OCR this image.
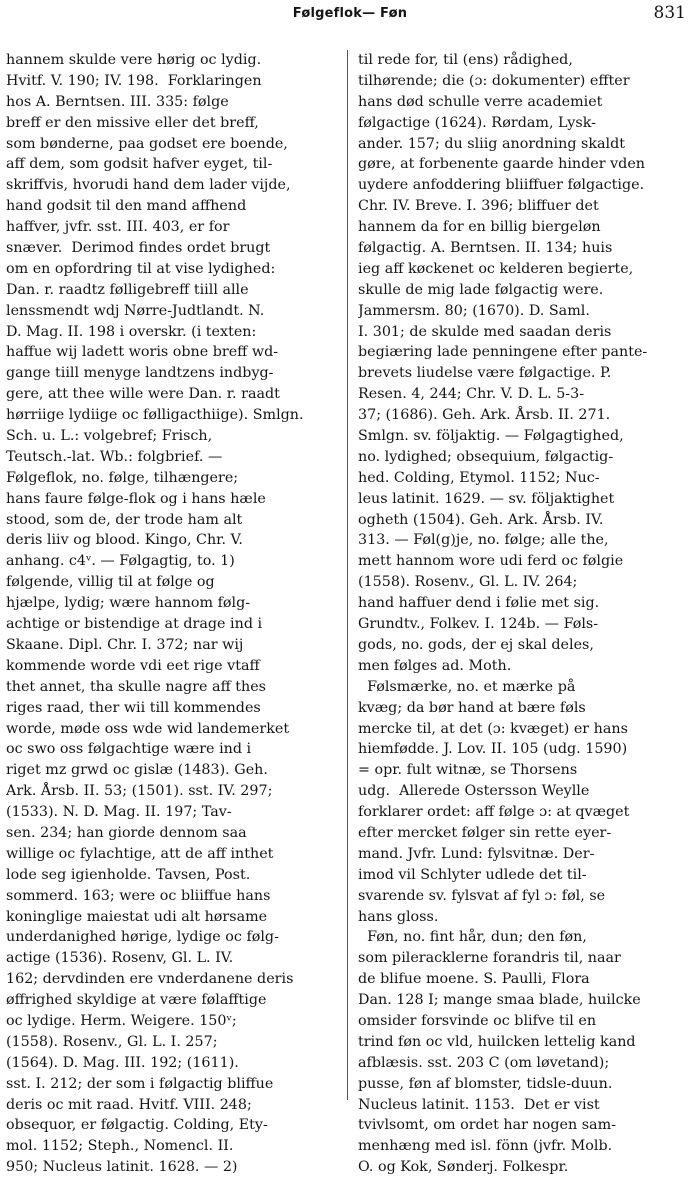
Følgeflok— Føn	831
hannem skulde vere hørig oc lydig.
Hvitf. V. 190; IV. 198.  Forklaringen
hos A. Berntsen. III. 335: følge
breff er den missive eller det breff,
som bønderne, paa godset ere boende,
aff dem, som godsit hafver eyget, til-
skriffvis, hvorudi hand dem lader vijde,
hand godsit til den mand affhend
haffver, jvfr. sst. III. 403, er for
snæver.  Derimod findes ordet brugt
om en opfordring til at vise lydighed:
Dan. r. raadtz følligebreff tiill alle
lenssmendt wdj Nørre-Judtlandt. N.
D. Mag. II. 198 i overskr. (i texten:
haffue wij ladett woris obne breff wd-
gange tiill menyge landtzens indbyg-
gere, att thee wille were Dan. r. raadt
hørriige lydiige oc følligacthiige). Smlgn.
Sch. u. L.: volgebref; Frisch,
Teutsch.-lat. Wb.: folgbrief. —
Følgeflok, no. følge, tilhængere;
hans faure følge-flok og i hans hæle
stood, som de, der trode ham alt
deris liiv og blood. Kingo, Chr. V.
anhang. c4ᵛ. — Følgagtig, to. 1)
følgende, villig til at følge og
hjælpe, lydig; wære hannom følg-
achtige or bistendige at drage ind i
Skaane. Dipl. Chr. I. 372; nar wij
kommende worde vdi eet rige vtaff
thet annet, tha skulle nagre aff thes
riges raad, ther wii till kommendes
worde, møde oss wde wid landemerket
oc swo oss følgachtige wære ind i
riget mz grwd oc gislæ (1483). Geh.
Ark. Årsb. II. 53; (1501). sst. IV. 297;
(1533). N. D. Mag. II. 197; Tav-
sen. 234; han giorde dennom saa
willige oc fylachtige, att de aff inthet
lode seg igienholde. Tavsen, Post.
sommerd. 163; were oc bliiffue hans
koninglige maiestat udi alt hørsame
underdanighed hørige, lydige oc følg-
actige (1536). Rosenv, Gl. L. IV.
162; dervdinden ere vnderdanene deris
øffrighed skyldige at være følafftige
oc lydige. Herm. Weigere. 150ᵛ;
(1558). Rosenv., Gl. L. I. 257;
(1564). D. Mag. III. 192; (1611).
sst. I. 212; der som i følgactig bliffue
deris oc mit raad. Hvitf. VIII. 248;
obsequor, er følgactig. Colding, Ety-
mol. 1152; Steph., Nomencl. II.
950; Nucleus latinit. 1628. — 2)
til rede for, til (ens) rådighed,
tilhørende; die (ɔ: dokumenter) effter
hans død schulle verre academiet
følgactige (1624). Rørdam, Lysk-
ander. 157; du sliig anordning skaldt
gøre, at forbenente gaarde hinder vden
uydere anfoddering bliiffuer følgactige.
Chr. IV. Breve. I. 396; bliffuer det
hannem da for en billig biergeløn
følgactig. A. Berntsen. II. 134; huis
ieg aff køckenet oc kelderen begierte,
skulle de mig lade følgactig were.
Jammersm. 80; (1670). D. Saml.
I. 301; de skulde med saadan deris
begiæring lade penningene efter pante-
brevets liudelse være følgactige. P.
Resen. 4, 244; Chr. V. D. L. 5-3-
37; (1686). Geh. Ark. Årsb. II. 271.
Smlgn. sv. följaktig. — Følgagtighed,
no. lydighed; obsequium, følgactig-
hed. Colding, Etymol. 1152; Nuc-
leus latinit. 1629. — sv. följaktighet
ogheth (1504). Geh. Ark. Årsb. IV.
313. — Føl(g)je, no. følge; alle the,
mett hannom wore udi ferd oc følgie
(1558). Rosenv., Gl. L. IV. 264;
hand haffuer dend i følie met sig.
Grundtv., Folkev. I. 124b. — Føls-
gods, no. gods, der ej skal deles,
men følges ad. Moth.
Følsmærke, no. et mærke på
kvæg; da bør hand at bære føls
mercke til, at det (ɔ: kvæget) er hans
hiemfødde. J. Lov. II. 105 (udg. 1590)
= opr. fult witnæ, se Thorsens
udg.  Allerede Ostersson Weylle
forklarer ordet: aff følge ɔ: at qvæget
efter mercket følger sin rette eyer-
mand. Jvfr. Lund: fylsvitnæ. Der-
imod vil Schlyter udlede det til-
svarende sv. fylsvat af fyl ɔ: føl, se
hans gloss.
Føn, no. fint hår, dun; den føn,
som pileracklerne forandris til, naar
de blifue moene. S. Paulli, Flora
Dan. 128 I; mange smaa blade, huilcke
omsider forsvinde oc blifve til en
trind føn oc vld, huilcken lettelig kand
afblæsis. sst. 203 C (om løvetand);
pusse, føn af blomster, tidsle-duun.
Nucleus latinit. 1153.  Det er vist
tvivlsomt, om ordet har nogen sam-
menhæng med isl. fönn (jvfr. Molb.
O. og Kok, Sønderj. Folkespr.
